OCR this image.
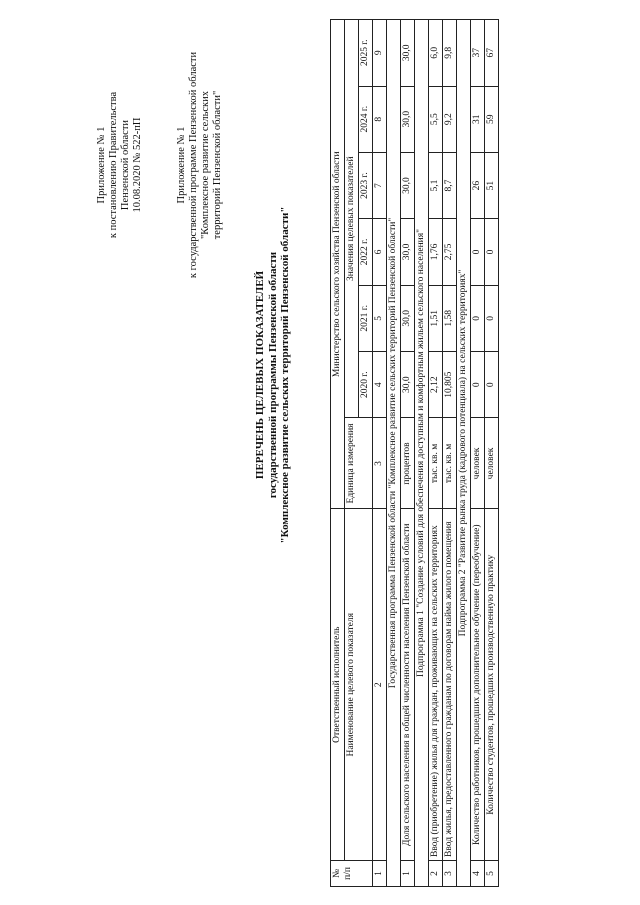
Приложение № 1 к постановлению Правительства Пензенской области 10.08.2020 № 522-пП	Приложение № 1 к государственной программе Пензенской области "Комплексное развитие сельских территорий Пензенской области"
ПЕРЕЧЕНЬ ЦЕЛЕВЫХ ПОКАЗАТЕЛЕЙ государственной программы Пензенской области "Комплексное развитие сельских территорий Пензенской области"
№ п/п	Ответственный исполнитель	Министерство сельского хозяйства Пензенской области						
	Наименование целевого показателя	Единица измерения	Значения целевых показателей					
			2020 г.	2021 г.	2022 г.	2023 г.	2024 г.	2025 г.
1	2	3	4	5	6	7	8	9
Государственная программа Пензенской области "Комплексное развитие сельских территорий Пензенской области"								
1	Доля сельского населения в общей численности населения Пензенской области	процентов	30,0	30,0	30,0	30,0	30,0	30,0
Подпрограмма 1 "Создание условий для обеспечения доступным и комфортным жильем сельского населения"								
2	Ввод (приобретение) жилья для граждан, проживающих на сельских территориях	тыс. кв. м	2,12	1,51	1,76	5,1	5,5	6,0
3	Ввод жилья, предоставленного гражданам по договорам найма жилого помещения	тыс. кв. м	10,805	1,58	2,75	8,7	9,2	9,8
Подпрограмма 2 "Развитие рынка труда (кадрового потенциала) на сельских территориях"								
4	Количество работников, прошедших дополнительное обучение (переобучение)	человек	0	0	0	26	31	37
5	Количество студентов, прошедших производственную практику	человек	0	0	0	51	59	67
